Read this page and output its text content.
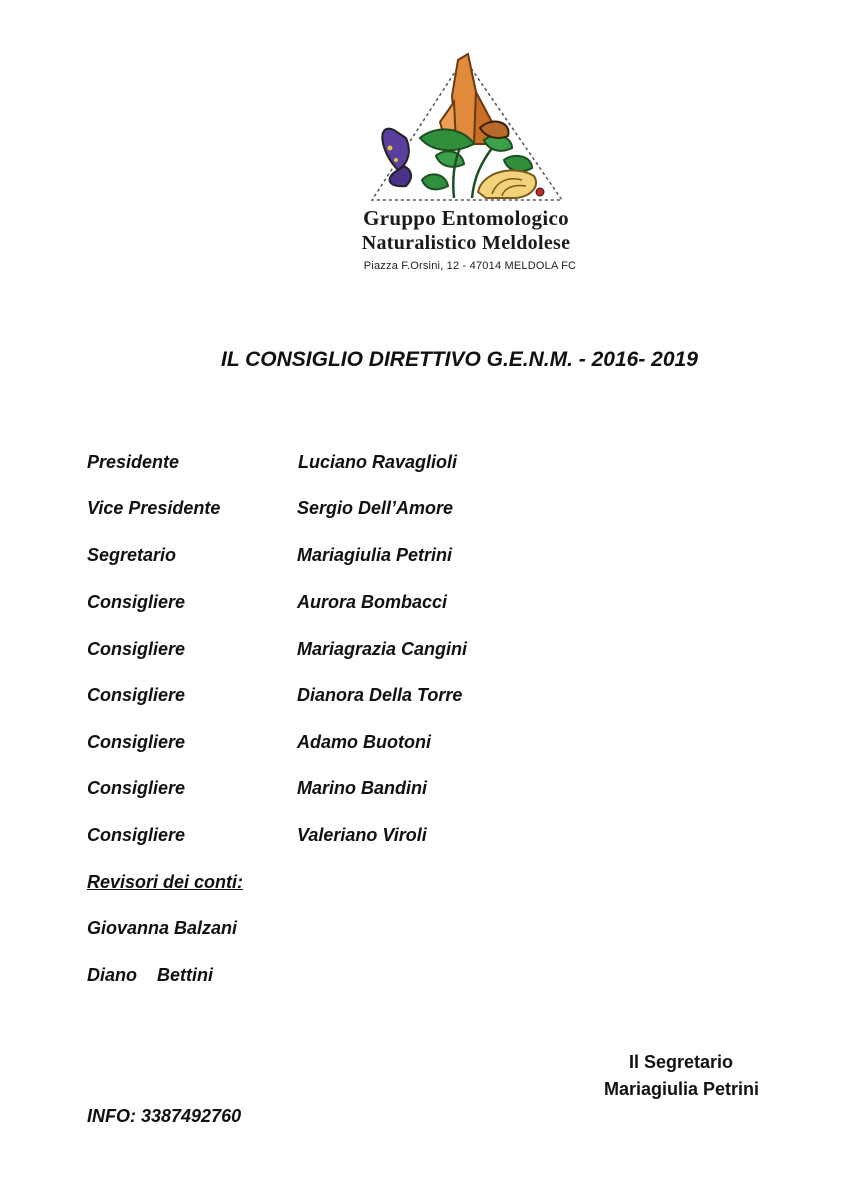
Gruppo Entomologico
Naturalistico Meldolese
Piazza F.Orsini, 12 - 47014 MELDOLA FC
IL CONSIGLIO DIRETTIVO G.E.N.M. - 2016- 2019
Presidente	Luciano Ravaglioli
Vice Presidente	Sergio Dell’Amore
Segretario	Mariagiulia Petrini
Consigliere	Aurora Bombacci
Consigliere	Mariagrazia Cangini
Consigliere	Dianora Della Torre
Consigliere	Adamo Buotoni
Consigliere	Marino Bandini
Consigliere	Valeriano Viroli
Revisori dei conti:
Giovanna Balzani
Diano    Bettini
Il Segretario
Mariagiulia Petrini
INFO: 3387492760
